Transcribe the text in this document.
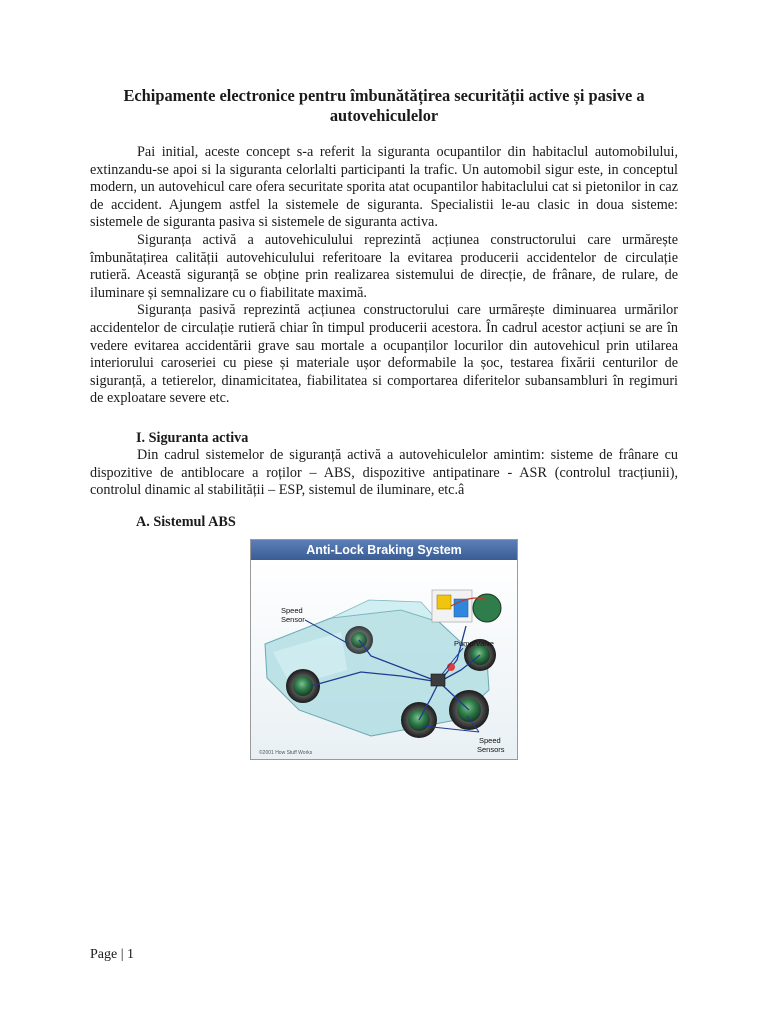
Echipamente electronice pentru îmbunătățirea securității active și pasive a autovehiculelor

Pai initial, aceste concept s-a referit la siguranta ocupantilor din habitaclul automobilului, extinzandu-se apoi si la siguranta celorlalti participanti la trafic. Un automobil sigur este, in conceptul modern, un autovehicul care ofera securitate sporita atat ocupantilor habitaclului cat si pietonilor in caz de accident. Ajungem astfel la sistemele de siguranta. Specialistii le-au clasic in doua sisteme: sistemele de siguranta pasiva si sistemele de siguranta activa.

Siguranța activă a autovehiculului reprezintă acțiunea constructorului care urmărește îmbunătațirea calității autovehiculului referitoare la evitarea producerii accidentelor de circulație rutieră. Această siguranță se obține prin realizarea sistemului de direcție, de frânare, de rulare, de iluminare și semnalizare cu o fiabilitate maximă.

Siguranța pasivă reprezintă acțiunea constructorului care urmărește diminuarea urmărilor accidentelor de circulație rutieră chiar în timpul producerii acestora. În cadrul acestor acțiuni se are în vedere evitarea accidentării grave sau mortale a ocupanților locurilor din autovehicul prin utilarea interiorului caroseriei cu piese și materiale ușor deformabile la șoc, testarea fixării centurilor de siguranță, a tetierelor, dinamicitatea, fiabilitatea si comportarea diferitelor subansambluri în regimuri de exploatare severe etc.

I. Siguranta activa

Din cadrul sistemelor de siguranță activă a autovehiculelor amintim: sisteme de frânare cu dispozitive de antiblocare a roților – ABS, dispozitive antipatinare - ASR (controlul tracțiunii), controlul dinamic al stabilității – ESP, sistemul de iluminare, etc.â

A. Sistemul ABS
Anti-Lock Braking System
Speed
Sensor
Pump/Valve
Speed
Sensors
©2001 How Stuff Works
Page | 1
